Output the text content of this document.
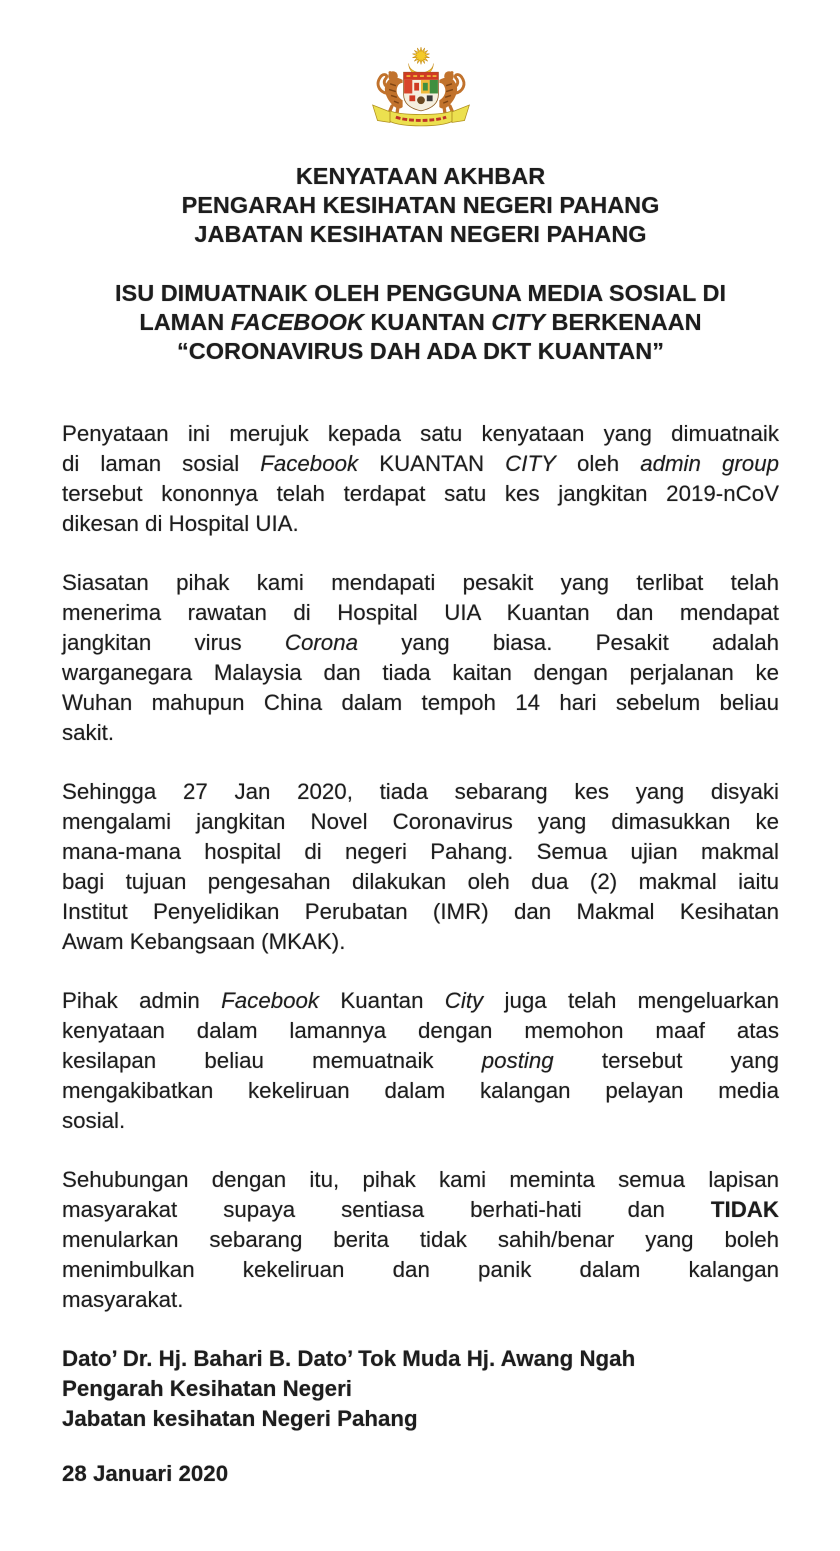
KENYATAAN AKHBAR
PENGARAH KESIHATAN NEGERI PAHANG
JABATAN KESIHATAN NEGERI PAHANG
ISU DIMUATNAIK OLEH PENGGUNA MEDIA SOSIAL DI
LAMAN FACEBOOK KUANTAN CITY BERKENAAN
“CORONAVIRUS DAH ADA DKT KUANTAN”
Penyataan ini merujuk kepada satu kenyataan yang dimuatnaik
di laman sosial Facebook KUANTAN CITY oleh admin group
tersebut kononnya telah terdapat satu kes jangkitan 2019-nCoV
dikesan di Hospital UIA.
Siasatan pihak kami mendapati pesakit yang terlibat telah
menerima rawatan di Hospital UIA Kuantan dan mendapat
jangkitan virus Corona yang biasa. Pesakit adalah
warganegara Malaysia dan tiada kaitan dengan perjalanan ke
Wuhan mahupun China dalam tempoh 14 hari sebelum beliau
sakit.
Sehingga 27 Jan 2020, tiada sebarang kes yang disyaki
mengalami jangkitan Novel Coronavirus yang dimasukkan ke
mana-mana hospital di negeri Pahang. Semua ujian makmal
bagi tujuan pengesahan dilakukan oleh dua (2) makmal iaitu
Institut Penyelidikan Perubatan (IMR) dan Makmal Kesihatan
Awam Kebangsaan (MKAK).
Pihak admin Facebook Kuantan City juga telah mengeluarkan
kenyataan dalam lamannya dengan memohon maaf atas
kesilapan beliau memuatnaik posting tersebut yang
mengakibatkan kekeliruan dalam kalangan pelayan media
sosial.
Sehubungan dengan itu, pihak kami meminta semua lapisan
masyarakat supaya sentiasa berhati-hati dan TIDAK
menularkan sebarang berita tidak sahih/benar yang boleh
menimbulkan kekeliruan dan panik dalam kalangan
masyarakat.
Dato’ Dr. Hj. Bahari B. Dato’ Tok Muda Hj. Awang Ngah
Pengarah Kesihatan Negeri
Jabatan kesihatan Negeri Pahang
28 Januari 2020
